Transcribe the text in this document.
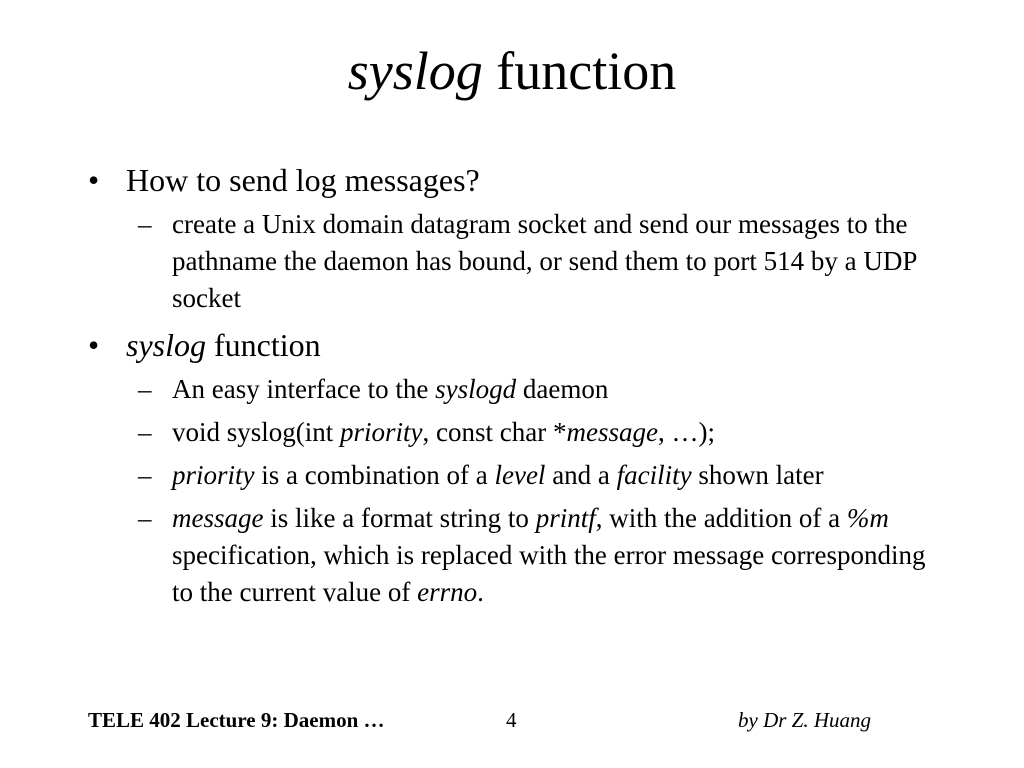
syslog function
• How to send log messages?
– create a Unix domain datagram socket and send our messages to the pathname the daemon has bound, or send them to port 514 by a UDP socket
• syslog function
– An easy interface to the syslogd daemon
– void syslog(int priority, const char *message, …);
– priority is a combination of a level and a facility shown later
– message is like a format string to printf, with the addition of a %m specification, which is replaced with the error message corresponding to the current value of errno.
TELE 402 Lecture 9: Daemon …	4	by Dr Z. Huang
